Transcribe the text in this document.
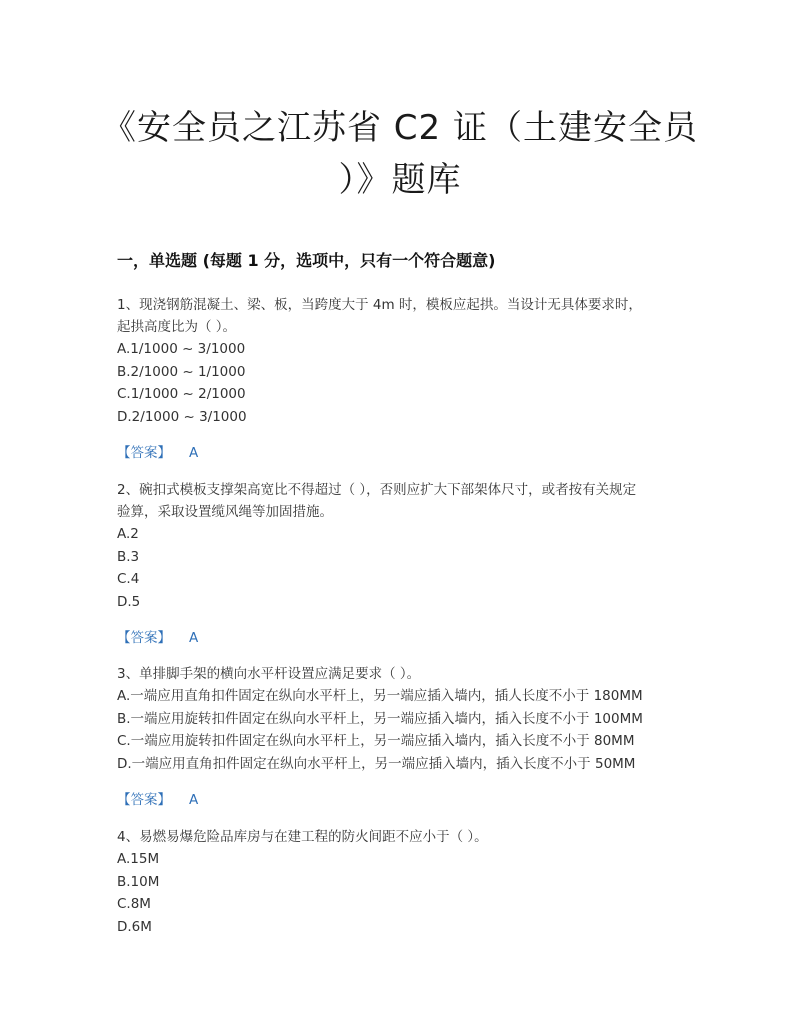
《安全员之江苏省 C2 证（土建安全员
）》题库
一，单选题 (每题 1 分，选项中，只有一个符合题意)

1、现浇钢筋混凝土、梁、板，当跨度大于 4m 时，模板应起拱。当设计无具体要求时，

起拱高度比为（ ）。

A.1/1000 ~ 3/1000

B.2/1000 ~ 1/1000

C.1/1000 ~ 2/1000

D.2/1000 ~ 3/1000

【答案】 A

2、碗扣式模板支撑架高宽比不得超过（ ），否则应扩大下部架体尺寸，或者按有关规定

验算，采取设置缆风绳等加固措施。

A.2

B.3

C.4

D.5

【答案】 A

3、单排脚手架的横向水平杆设置应满足要求（ ）。

A.一端应用直角扣件固定在纵向水平杆上，另一端应插入墙内，插人长度不小于 180MM

B.一端应用旋转扣件固定在纵向水平杆上，另一端应插入墙内，插入长度不小于 100MM

C.一端应用旋转扣件固定在纵向水平杆上，另一端应插入墙内，插入长度不小于 80MM

D.一端应用直角扣件固定在纵向水平杆上，另一端应插入墙内，插入长度不小于 50MM

【答案】 A

4、易燃易爆危险品库房与在建工程的防火间距不应小于（ ）。

A.15M

B.10M

C.8M

D.6M
